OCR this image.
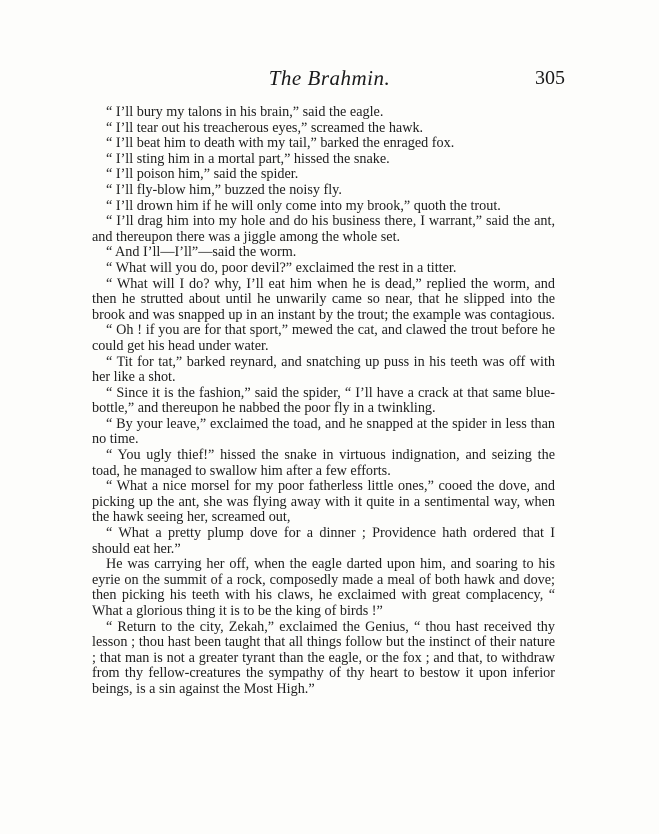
The Brahmin.	305

“ I’ll bury my talons in his brain,” said the eagle.

“ I’ll tear out his treacherous eyes,” screamed the hawk.

“ I’ll beat him to death with my tail,” barked the enraged fox.

“ I’ll sting him in a mortal part,” hissed the snake.

“ I’ll poison him,” said the spider.

“ I’ll fly-blow him,” buzzed the noisy fly.

“ I’ll drown him if he will only come into my brook,” quoth the trout.

“ I’ll drag him into my hole and do his business there, I warrant,” said the ant, and thereupon there was a jiggle among the whole set.

“ And I’ll—I’ll”—said the worm.

“ What will you do, poor devil?” exclaimed the rest in a titter.

“ What will I do? why, I’ll eat him when he is dead,” replied the worm, and then he strutted about until he unwarily came so near, that he slipped into the brook and was snapped up in an instant by the trout; the example was contagious.

“ Oh ! if you are for that sport,” mewed the cat, and clawed the trout before he could get his head under water.

“ Tit for tat,” barked reynard, and snatching up puss in his teeth was off with her like a shot.

“ Since it is the fashion,” said the spider, “ I’ll have a crack at that same blue-bottle,” and thereupon he nabbed the poor fly in a twinkling.

“ By your leave,” exclaimed the toad, and he snapped at the spider in less than no time.

“ You ugly thief!” hissed the snake in virtuous indignation, and seizing the toad, he managed to swallow him after a few efforts.

“ What a nice morsel for my poor fatherless little ones,” cooed the dove, and picking up the ant, she was flying away with it quite in a sentimental way, when the hawk seeing her, screamed out,

“ What a pretty plump dove for a dinner ; Providence hath ordered that I should eat her.”

He was carrying her off, when the eagle darted upon him, and soaring to his eyrie on the summit of a rock, composedly made a meal of both hawk and dove; then picking his teeth with his claws, he exclaimed with great complacency, “ What a glorious thing it is to be the king of birds !”

“ Return to the city, Zekah,” exclaimed the Genius, “ thou hast received thy lesson ; thou hast been taught that all things follow but the instinct of their nature ; that man is not a greater tyrant than the eagle, or the fox ; and that, to withdraw from thy fellow-creatures the sympathy of thy heart to bestow it upon inferior beings, is a sin against the Most High.”
